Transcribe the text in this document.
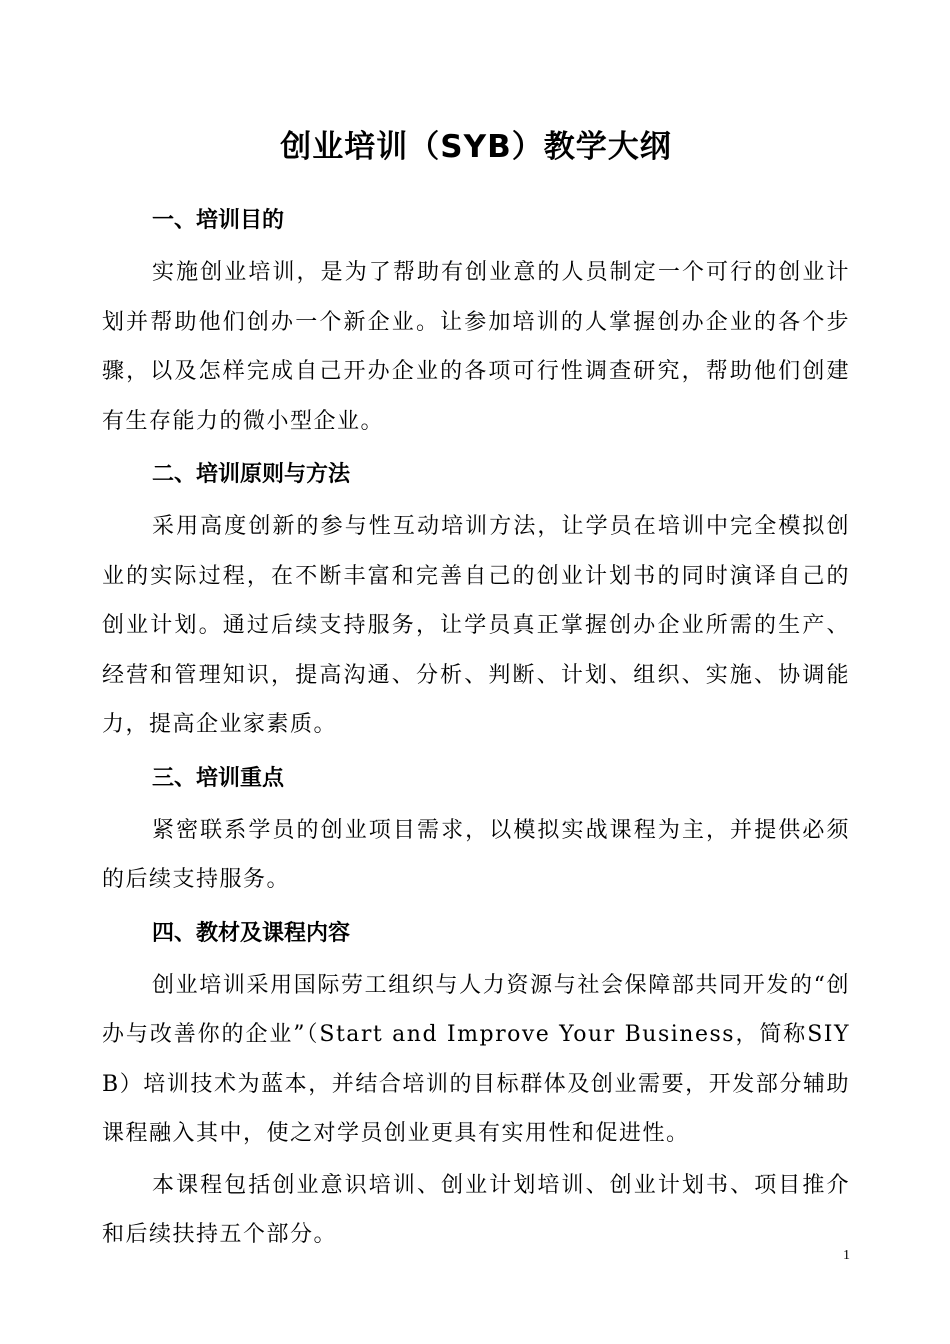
创业培训（SYB）教学大纲
一、培训目的

实施创业培训，是为了帮助有创业意的人员制定一个可行的创业计划并帮助他们创办一个新企业。让参加培训的人掌握创办企业的各个步骤，以及怎样完成自己开办企业的各项可行性调查研究，帮助他们创建有生存能力的微小型企业。

二、培训原则与方法

采用高度创新的参与性互动培训方法，让学员在培训中完全模拟创业的实际过程，在不断丰富和完善自己的创业计划书的同时演译自己的创业计划。通过后续支持服务，让学员真正掌握创办企业所需的生产、经营和管理知识，提高沟通、分析、判断、计划、组织、实施、协调能力，提高企业家素质。

三、培训重点

紧密联系学员的创业项目需求，以模拟实战课程为主，并提供必须的后续支持服务。

四、教材及课程内容

创业培训采用国际劳工组织与人力资源与社会保障部共同开发的“创办与改善你的企业”（Start and Improve Your Business，简称SIYB）培训技术为蓝本，并结合培训的目标群体及创业需要，开发部分辅助课程融入其中，使之对学员创业更具有实用性和促进性。

本课程包括创业意识培训、创业计划培训、创业计划书、项目推介和后续扶持五个部分。

1
